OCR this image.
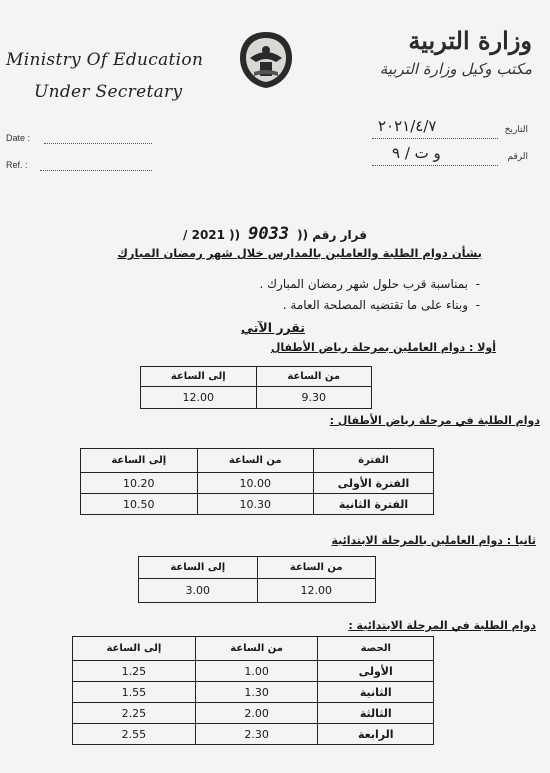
Ministry Of Education
Under Secretary
وزارة التربية
مكتب وكيل وزارة التربية
Date :
Ref. :
التاريخ
٢٠٢١/٤/٧
الرقم
و ت / ٩
/ 2021 )) 9033 قرار رقم ((
بشأن دوام الطلبة والعاملين بالمدارس خلال شهر رمضان المبارك
-  بمناسبة قرب حلول شهر رمضان المبارك .
-  وبناء على ما تقتضيه المصلحة العامة .
تقرر الآتي
أولا : دوام العاملين بمرحلة رياض الأطفال
من الساعة	إلى الساعة
9.30	12.00
دوام الطلبة في مرحلة رياض الأطفال :
الفترة	من الساعة	إلى الساعة
الفترة الأولى	10.00	10.20
الفترة الثانية	10.30	10.50
ثانيا : دوام العاملين بالمرحلة الابتدائية
من الساعة	إلى الساعة
12.00	3.00
دوام الطلبة في المرحلة الابتدائية :
الحصة	من الساعة	إلى الساعة
الأولى	1.00	1.25
الثانية	1.30	1.55
الثالثة	2.00	2.25
الرابعة	2.30	2.55
